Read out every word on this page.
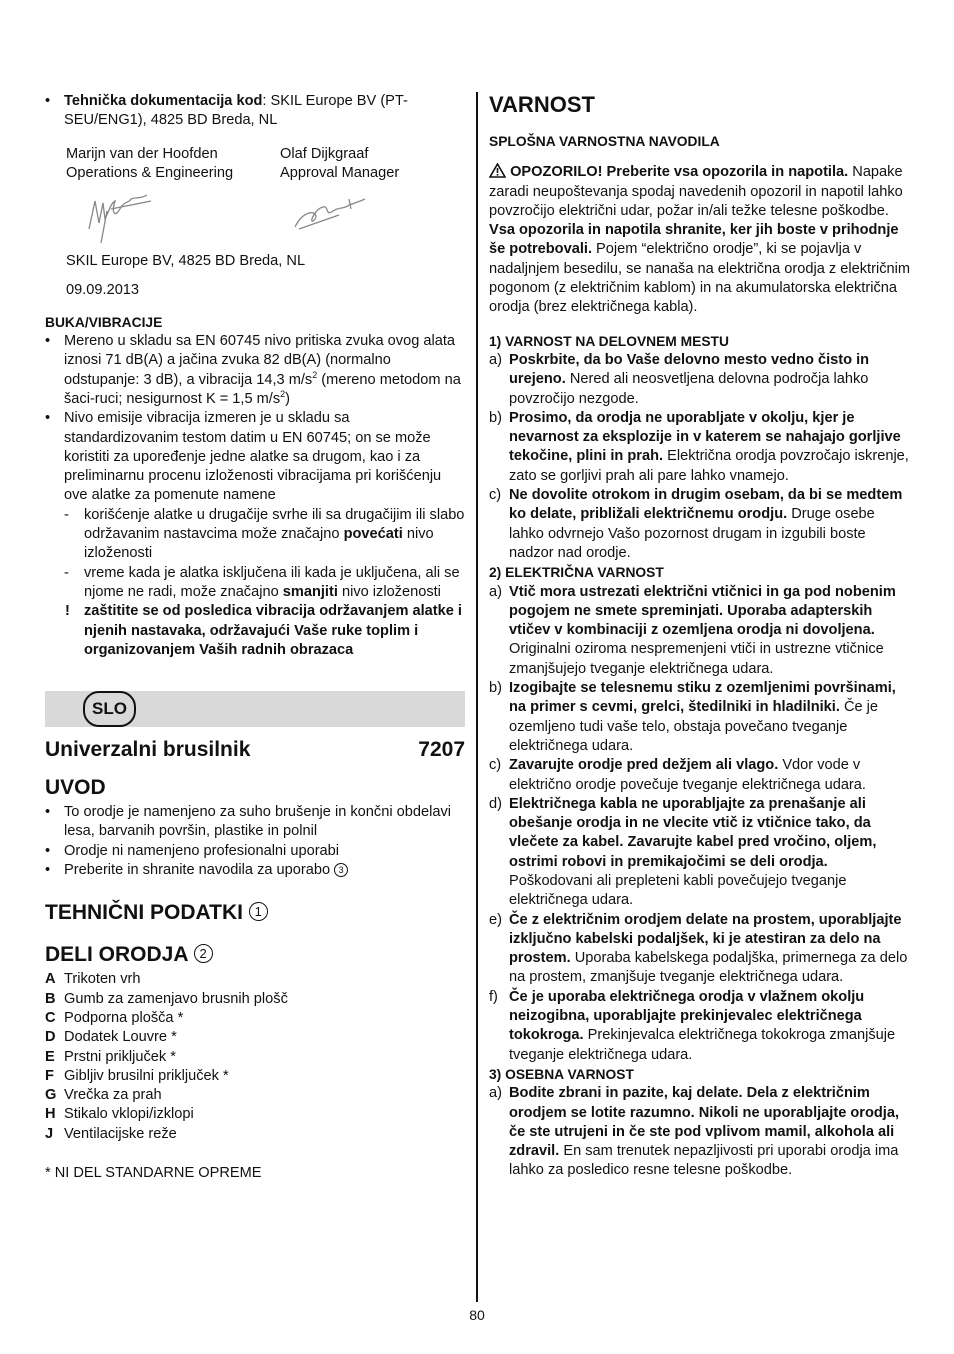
• Tehnička dokumentacija kod: SKIL Europe BV (PT-SEU/ENG1), 4825 BD Breda, NL

Marijn van der Hoofden

Operations & Engineering

Olaf Dijkgraaf

Approval Manager

SKIL Europe BV, 4825 BD Breda, NL

09.09.2013

BUKA/VIBRACIJE

• Mereno u skladu sa EN 60745 nivo pritiska zvuka ovog alata iznosi 71 dB(A) a jačina zvuka 82 dB(A) (normalno odstupanje: 3 dB), a vibracija 14,3 $m/s^2$ (mereno metodom na šaci-ruci; nesigurnost K = 1,5 $m/s^2$)

• Nivo emisije vibracija izmeren je u skladu sa standardizovanim testom datim u EN 60745; on se može koristiti za upoređenje jedne alatke sa drugom, kao i za preliminarnu procenu izloženosti vibracijama pri korišćenju ove alatke za pomenute namene

- korišćenje alatke u drugačije svrhe ili sa drugačijim ili slabo održavanim nastavcima može značajno povećati nivo izloženosti

- vreme kada je alatka isključena ili kada je uključena, ali se njome ne radi, može značajno smanjiti nivo izloženosti

! zaštitite se od posledica vibracija održavanjem alatke i njenih nastavaka, održavajući Vaše ruke toplim i organizovanjem Vaših radnih obrazaca

SLO
Univerzalni brusilnik	7207

UVOD

• To orodje je namenjeno za suho brušenje in končni obdelavi lesa, barvanih površin, plastike in polnil

• Orodje ni namenjeno profesionalni uporabi

• Preberite in shranite navodila za uporabo 3

TEHNIČNI PODATKI 1

DELI ORODJA 2

A Trikoten vrh
B Gumb za zamenjavo brusnih plošč
C Podporna plošča *
D Dodatek Louvre *
E Prstni priključek *
F Gibljiv brusilni priključek *
G Vrečka za prah
H Stikalo vklopi/izklopi
J Ventilacijske reže

* NI DEL STANDARNE OPREME

VARNOST

SPLOŠNA VARNOSTNA NAVODILA

OPOZORILO! Preberite vsa opozorila in napotila. Napake zaradi neupoštevanja spodaj navedenih opozoril in napotil lahko povzročijo električni udar, požar in/ali težke telesne poškodbe. Vsa opozorila in napotila shranite, ker jih boste v prihodnje še potrebovali. Pojem “električno orodje”, ki se pojavlja v nadaljnjem besedilu, se nanaša na električna orodja z električnim pogonom (z električnim kablom) in na akumulatorska električna orodja (brez električnega kabla).

1) VARNOST NA DELOVNEM MESTU

a) Poskrbite, da bo Vaše delovno mesto vedno čisto in urejeno. Nered ali neosvetljena delovna področja lahko povzročijo nezgode.

b) Prosimo, da orodja ne uporabljate v okolju, kjer je nevarnost za eksplozije in v katerem se nahajajo gorljive tekočine, plini in prah. Električna orodja povzročajo iskrenje, zato se gorljivi prah ali pare lahko vnamejo.

c) Ne dovolite otrokom in drugim osebam, da bi se medtem ko delate, približali električnemu orodju. Druge osebe lahko odvrnejo Vašo pozornost drugam in izgubili boste nadzor nad orodje.

2) ELEKTRIČNA VARNOST

a) Vtič mora ustrezati električni vtičnici in ga pod nobenim pogojem ne smete spreminjati. Uporaba adapterskih vtičev v kombinaciji z ozemljena orodja ni dovoljena. Originalni oziroma nespremenjeni vtiči in ustrezne vtičnice zmanjšujejo tveganje električnega udara.

b) Izogibajte se telesnemu stiku z ozemljenimi površinami, na primer s cevmi, grelci, štedilniki in hladilniki. Če je ozemljeno tudi vaše telo, obstaja povečano tveganje električnega udara.

c) Zavarujte orodje pred dežjem ali vlago. Vdor vode v električno orodje povečuje tveganje električnega udara.

d) Električnega kabla ne uporabljajte za prenašanje ali obešanje orodja in ne vlecite vtič iz vtičnice tako, da vlečete za kabel. Zavarujte kabel pred vročino, oljem, ostrimi robovi in premikajočimi se deli orodja. Poškodovani ali prepleteni kabli povečujejo tveganje električnega udara.

e) Če z električnim orodjem delate na prostem, uporabljajte izključno kabelski podaljšek, ki je atestiran za delo na prostem. Uporaba kabelskega podaljška, primernega za delo na prostem, zmanjšuje tveganje električnega udara.

f) Če je uporaba električnega orodja v vlažnem okolju neizogibna, uporabljajte prekinjevalec električnega tokokroga. Prekinjevalca električnega tokokroga zmanjšuje tveganje električnega udara.

3) OSEBNA VARNOST

a) Bodite zbrani in pazite, kaj delate. Dela z električnim orodjem se lotite razumno. Nikoli ne uporabljajte orodja, če ste utrujeni in če ste pod vplivom mamil, alkohola ali zdravil. En sam trenutek nepazljivosti pri uporabi orodja ima lahko za posledico resne telesne poškodbe.

80
